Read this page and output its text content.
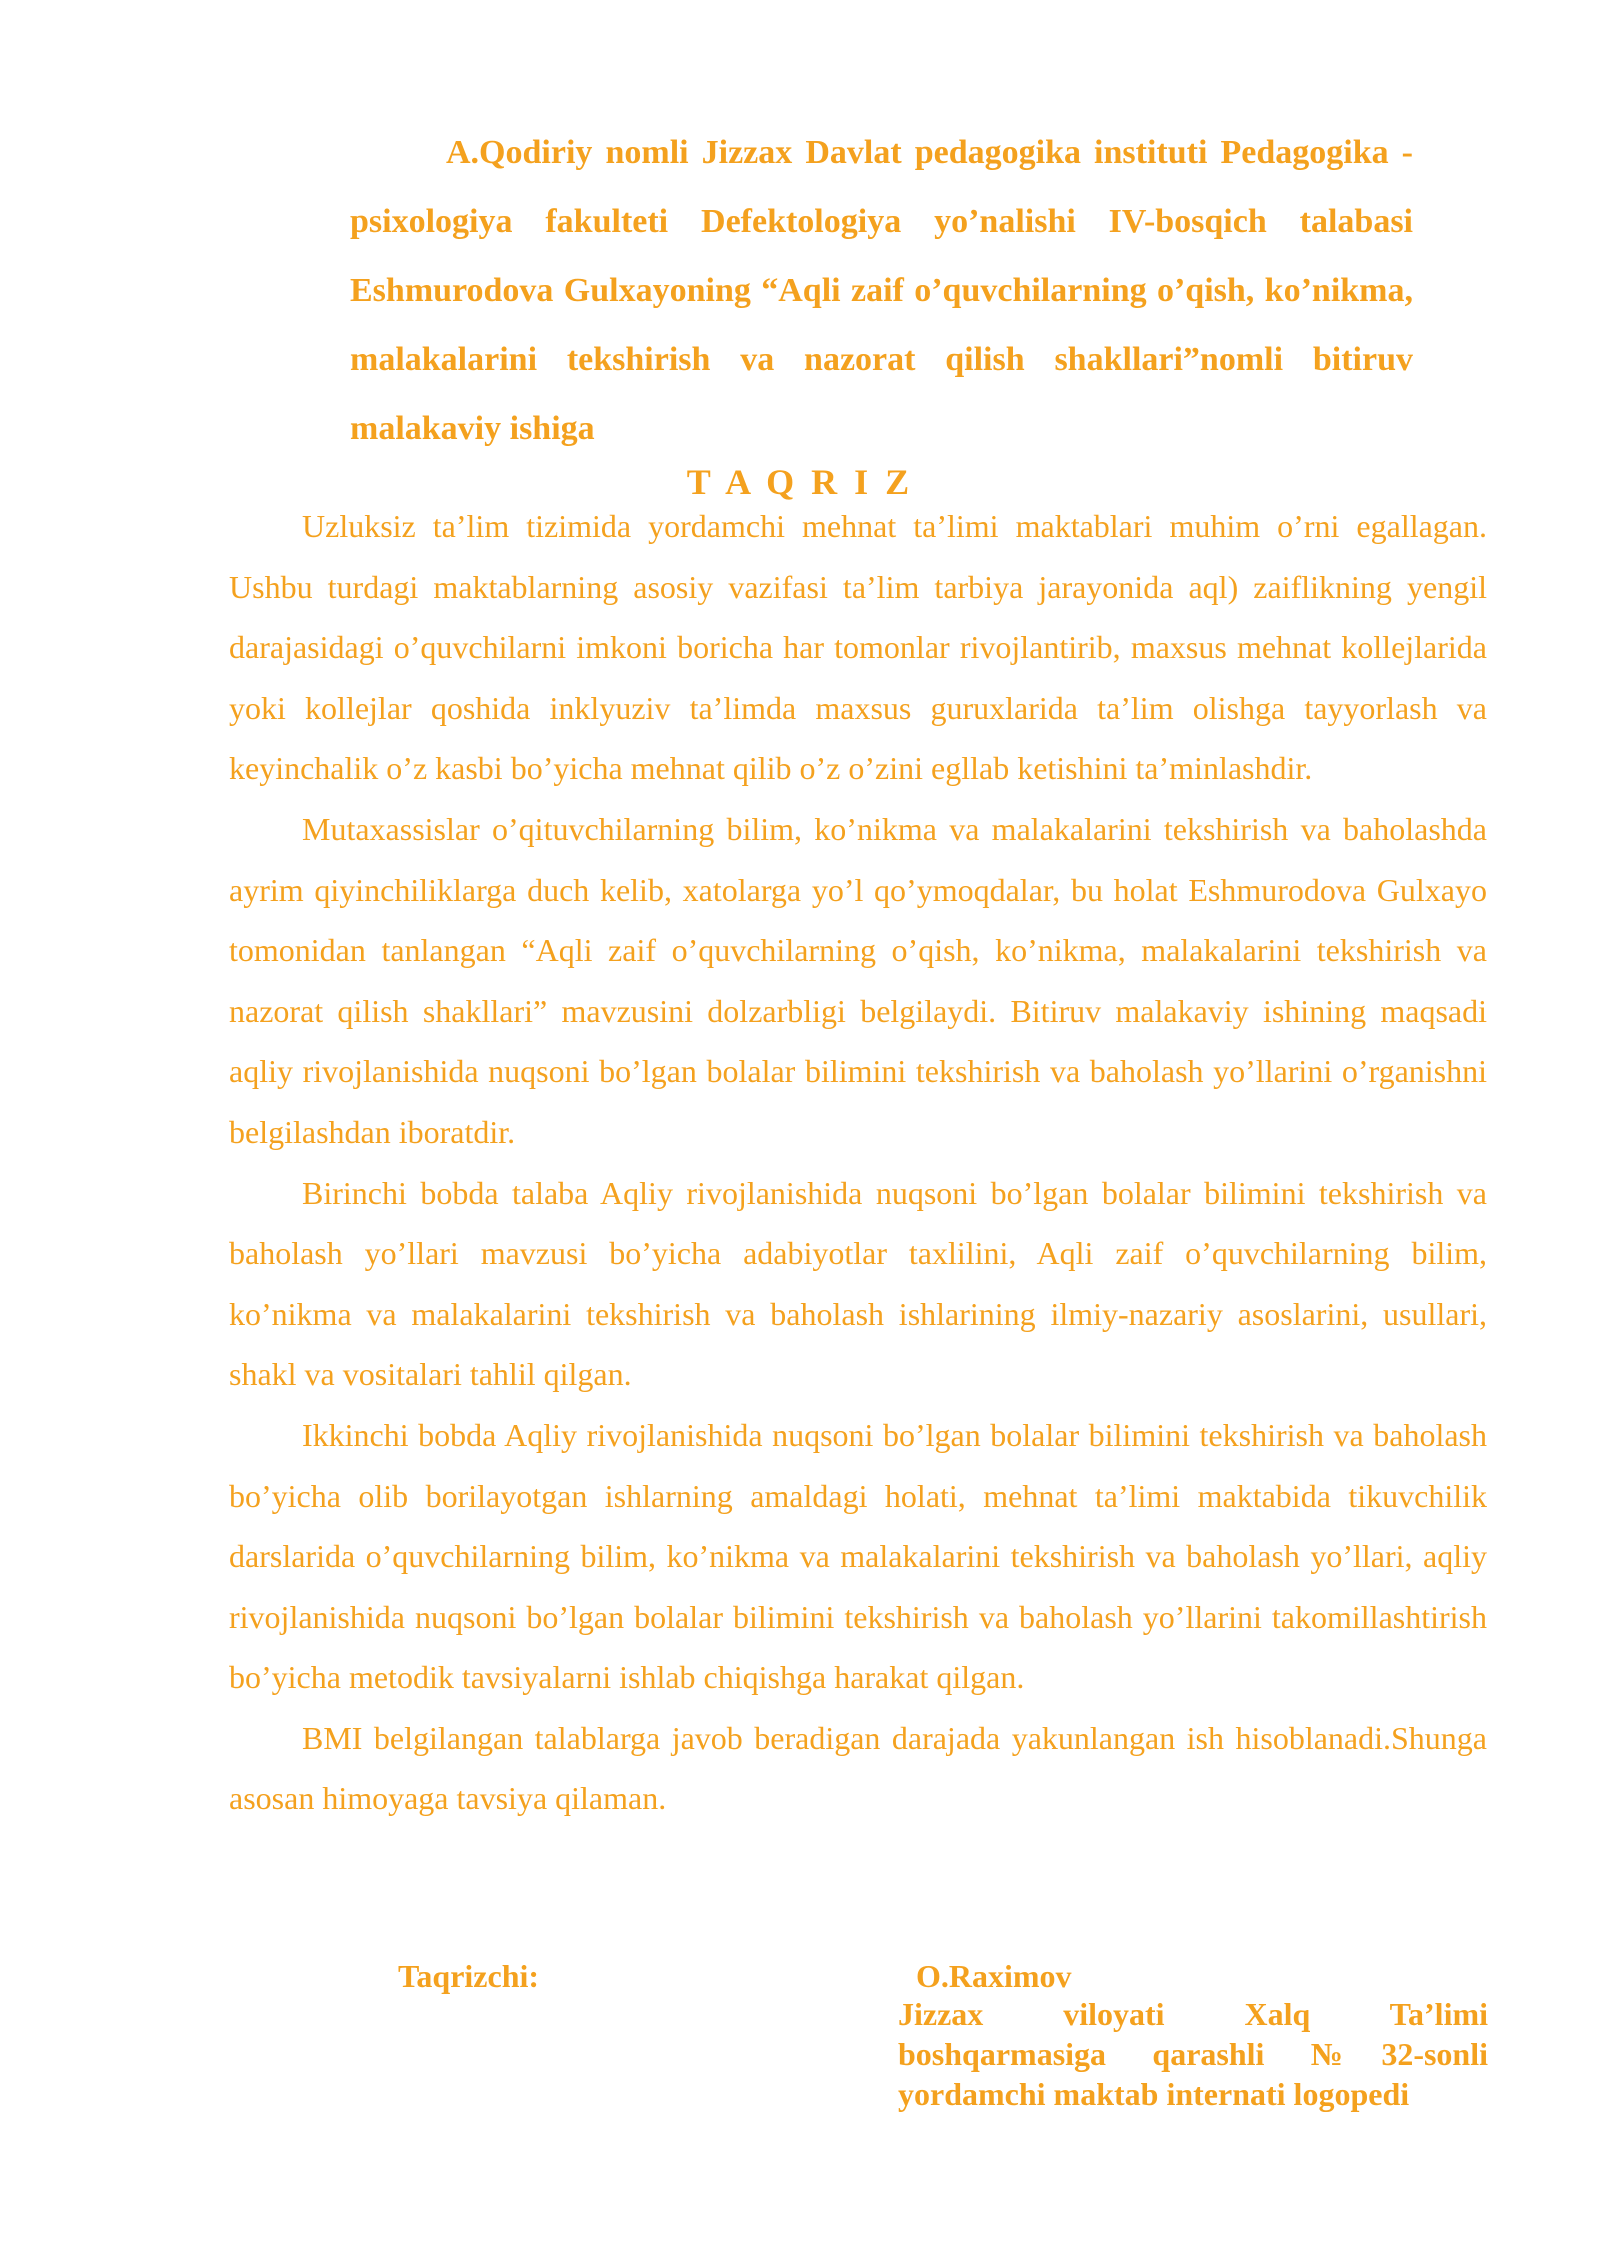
A.Qodiriy nomli Jizzax Davlat pedagogika instituti Pedagogika - psixologiya fakulteti Defektologiya yo’nalishi IV-bosqich talabasi Eshmurodova Gulxayoning “Aqli zaif o’quvchilarning o’qish, ko’nikma, malakalarini tekshirish va nazorat qilish shakllari”nomli bitiruv malakaviy ishiga

T A Q R I Z

Uzluksiz ta’lim tizimida yordamchi mehnat ta’limi maktablari muhim o’rni egallagan. Ushbu turdagi maktablarning asosiy vazifasi ta’lim tarbiya jarayonida aql) zaiflikning yengil darajasidagi o’quvchilarni imkoni boricha har tomonlar rivojlantirib, maxsus mehnat kollejlarida yoki kollejlar qoshida inklyuziv ta’limda maxsus guruxlarida ta’lim olishga tayyorlash va keyinchalik o’z kasbi bo’yicha mehnat qilib o’z o’zini egllab ketishini ta’minlashdir.

Mutaxassislar o’qituvchilarning bilim, ko’nikma va malakalarini tekshirish va baholashda ayrim qiyinchiliklarga duch kelib, xatolarga yo’l qo’ymoqdalar, bu holat Eshmurodova Gulxayo tomonidan tanlangan “Aqli zaif o’quvchilarning o’qish, ko’nikma, malakalarini tekshirish va nazorat qilish shakllari” mavzusini dolzarbligi belgilaydi. Bitiruv malakaviy ishining maqsadi aqliy rivojlanishida nuqsoni bo’lgan bolalar bilimini tekshirish va baholash yo’llarini o’rganishni belgilashdan iboratdir.

Birinchi bobda talaba Aqliy rivojlanishida nuqsoni bo’lgan bolalar bilimini tekshirish va baholash yo’llari mavzusi bo’yicha adabiyotlar taxlilini, Aqli zaif o’quvchilarning bilim, ko’nikma va malakalarini tekshirish va baholash ishlarining ilmiy-nazariy asoslarini, usullari, shakl va vositalari tahlil qilgan.

Ikkinchi bobda Aqliy rivojlanishida nuqsoni bo’lgan bolalar bilimini tekshirish va baholash bo’yicha olib borilayotgan ishlarning amaldagi holati, mehnat ta’limi maktabida tikuvchilik darslarida o’quvchilarning bilim, ko’nikma va malakalarini tekshirish va baholash yo’llari, aqliy rivojlanishida nuqsoni bo’lgan bolalar bilimini tekshirish va baholash yo’llarini takomillashtirish bo’yicha metodik tavsiyalarni ishlab chiqishga harakat qilgan.

BMI belgilangan talablarga javob beradigan darajada yakunlangan ish hisoblanadi.Shunga asosan himoyaga tavsiya qilaman.

Taqrizchi:	O.Raximov
Jizzax viloyati Xalq Ta’limi boshqarmasiga qarashli №32-sonli yordamchi maktab internati logopedi
